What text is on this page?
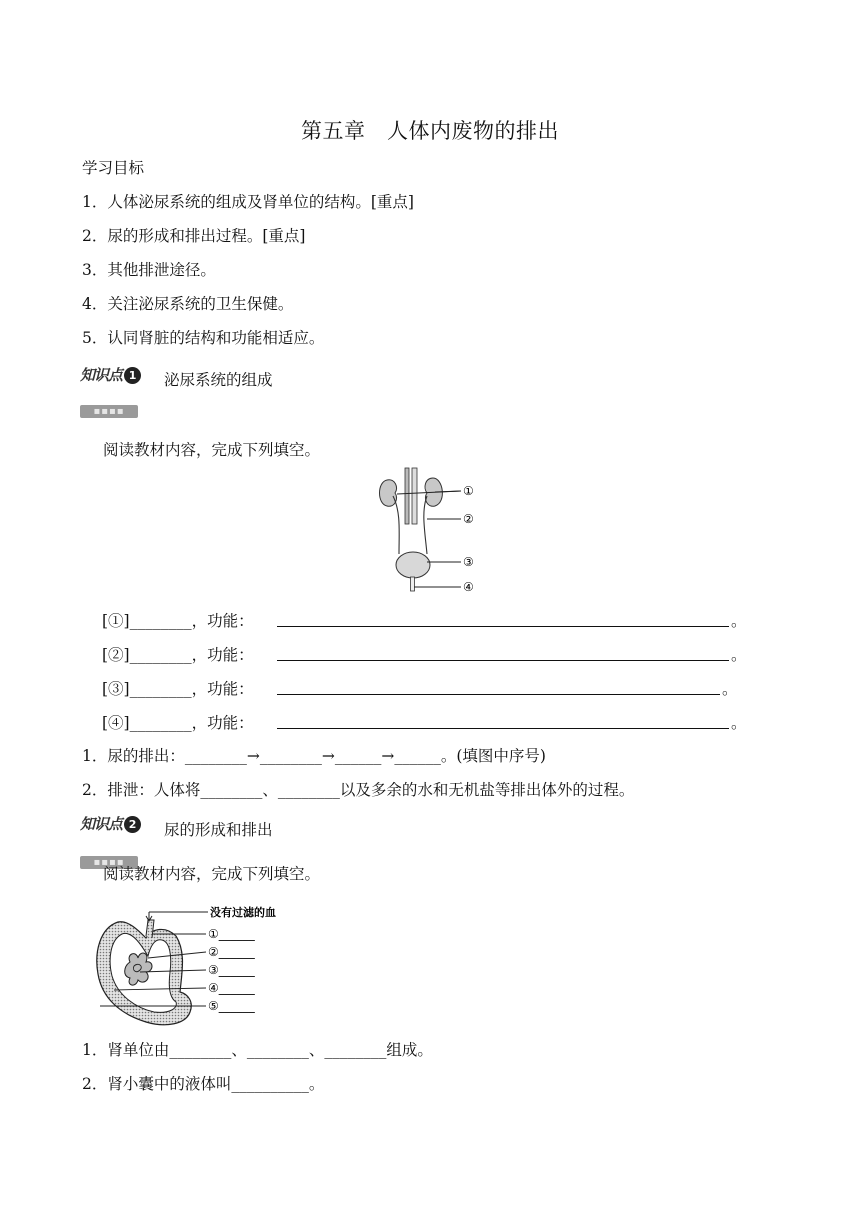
第五章　人体内废物的排出
学习目标
1．人体泌尿系统的组成及肾单位的结构。[重点]
2．尿的形成和排出过程。[重点]
3．其他排泄途径。
4．关注泌尿系统的卫生保健。
5．认同肾脏的结构和功能相适应。
知识点 1	泌尿系统的组成
▪▪▪▪
阅读教材内容，完成下列填空。
①
②
③
④
[①]________，功能：	。
[②]________，功能：	。
[③]________，功能：	。
[④]________，功能：	。
1．尿的排出：________→________→______→______。(填图中序号)
2．排泄：人体将________、________以及多余的水和无机盐等排出体外的过程。
知识点 2	尿的形成和排出
▪▪▪▪
阅读教材内容，完成下列填空。
没有过滤的血
①______
②______
③______
④______
⑤______
1．肾单位由________、________、________组成。
2．肾小囊中的液体叫__________。
